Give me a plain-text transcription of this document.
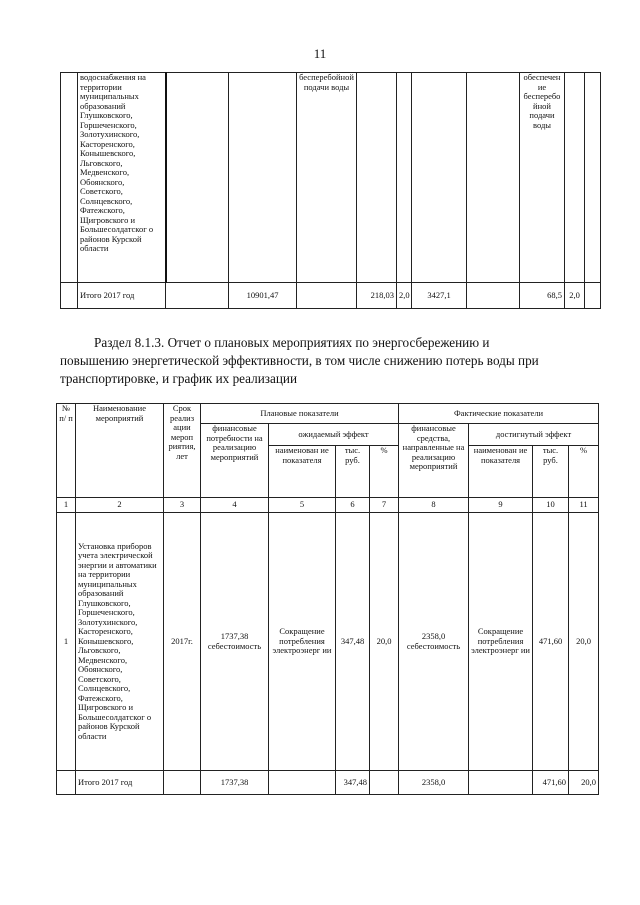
11
	водоснабжения на территории муниципальных образований Глушковского, Горшеченского, Золотухинского, Касторенского, Конышевского, Льговского, Медвенского, Обоянского, Советского, Солнцевского, Фатежского, Щигровского и Большесолдатског о районов Курской области			бесперебойной подачи воды					обеспечен ие бесперебо йной подачи воды		
	Итого 2017 год		10901,47		218,03	2,0	3427,1		68,5	2,0	
Раздел 8.1.3. Отчет о плановых мероприятиях по энергосбережению и
повышению энергетической эффективности, в том числе снижению потерь воды при
транспортировке, и график их реализации
№ п/ п	Наименование мероприятий	Срок реализ ации мероп риятия, лет	Плановые показатели				Фактические показатели			
			финансовые потребности на реализацию мероприятий	ожидаемый эффект			финансовые средства, направленные на реализацию мероприятий	достигнутый эффект		
				наименован ие показателя	тыс. руб.	%		наименован ие показателя	тыс. руб.	%
1	2	3	4	5	6	7	8	9	10	11
1	Установка приборов учета электрической энергии и автоматики на территории муниципальных образований Глушковского, Горшеченского, Золотухинского, Касторенского, Конышевского, Льговского, Медвенского, Обоянского, Советского, Солнцевского, Фатежского, Щигровского и Большесолдатског о районов Курской области	2017г.	1737,38 себестоимость	Сокращение потребления электроэнерг ии	347,48	20,0	2358,0 себестоимость	Сокращение потребления электроэнерг ии	471,60	20,0
	Итого 2017 год		1737,38		347,48		2358,0		471,60	20,0
